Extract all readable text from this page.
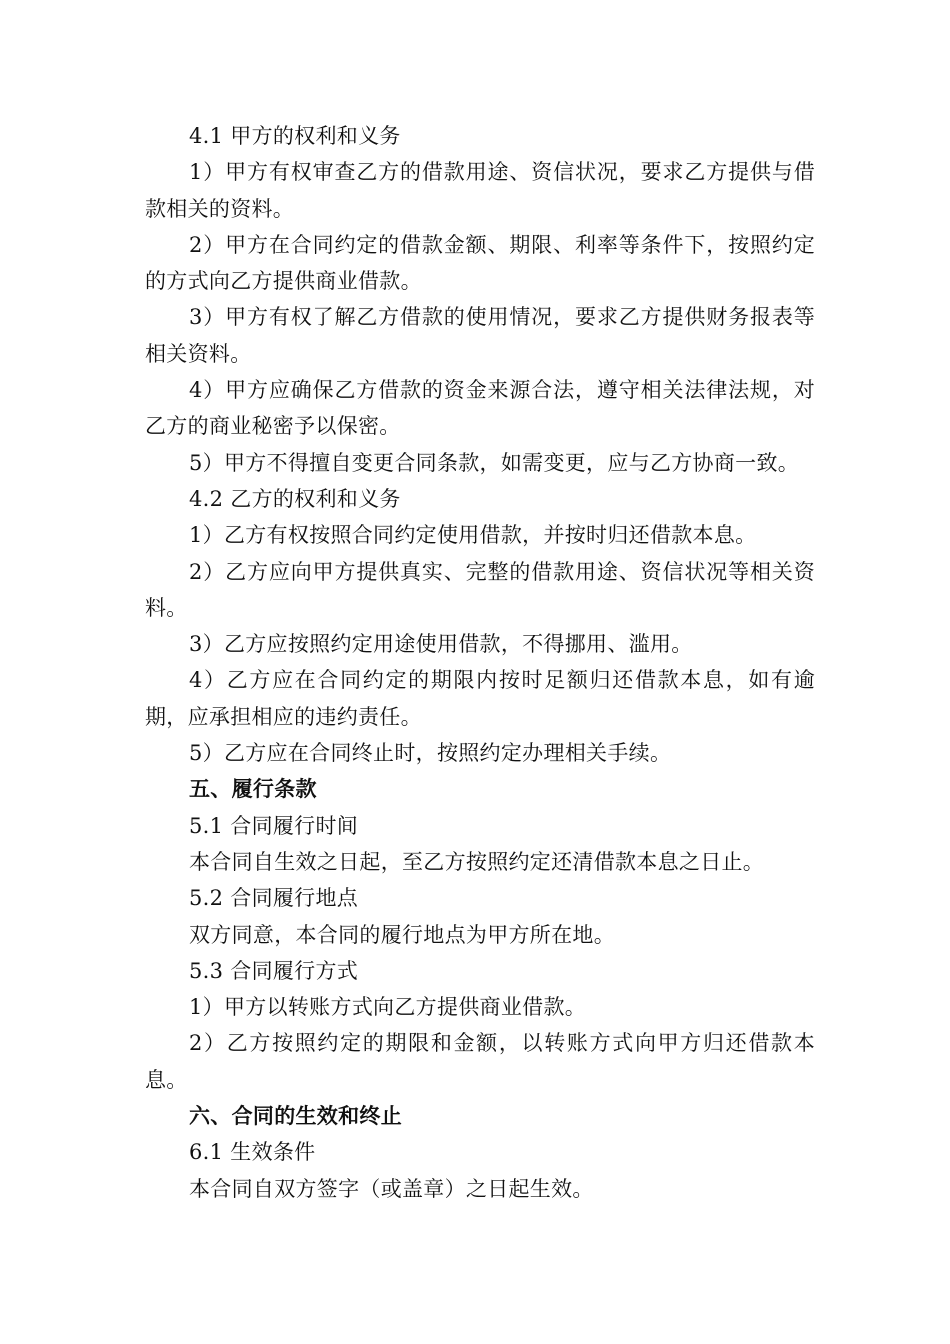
4.1 甲方的权利和义务

1）甲方有权审查乙方的借款用途、资信状况，要求乙方提供与借款相关的资料。

2）甲方在合同约定的借款金额、期限、利率等条件下，按照约定的方式向乙方提供商业借款。

3）甲方有权了解乙方借款的使用情况，要求乙方提供财务报表等相关资料。

4）甲方应确保乙方借款的资金来源合法，遵守相关法律法规，对乙方的商业秘密予以保密。

5）甲方不得擅自变更合同条款，如需变更，应与乙方协商一致。

4.2 乙方的权利和义务

1）乙方有权按照合同约定使用借款，并按时归还借款本息。

2）乙方应向甲方提供真实、完整的借款用途、资信状况等相关资料。

3）乙方应按照约定用途使用借款，不得挪用、滥用。

4）乙方应在合同约定的期限内按时足额归还借款本息，如有逾期，应承担相应的违约责任。

5）乙方应在合同终止时，按照约定办理相关手续。

五、履行条款

5.1 合同履行时间

本合同自生效之日起，至乙方按照约定还清借款本息之日止。

5.2 合同履行地点

双方同意，本合同的履行地点为甲方所在地。

5.3 合同履行方式

1）甲方以转账方式向乙方提供商业借款。

2）乙方按照约定的期限和金额，以转账方式向甲方归还借款本息。

六、合同的生效和终止

6.1 生效条件

本合同自双方签字（或盖章）之日起生效。
